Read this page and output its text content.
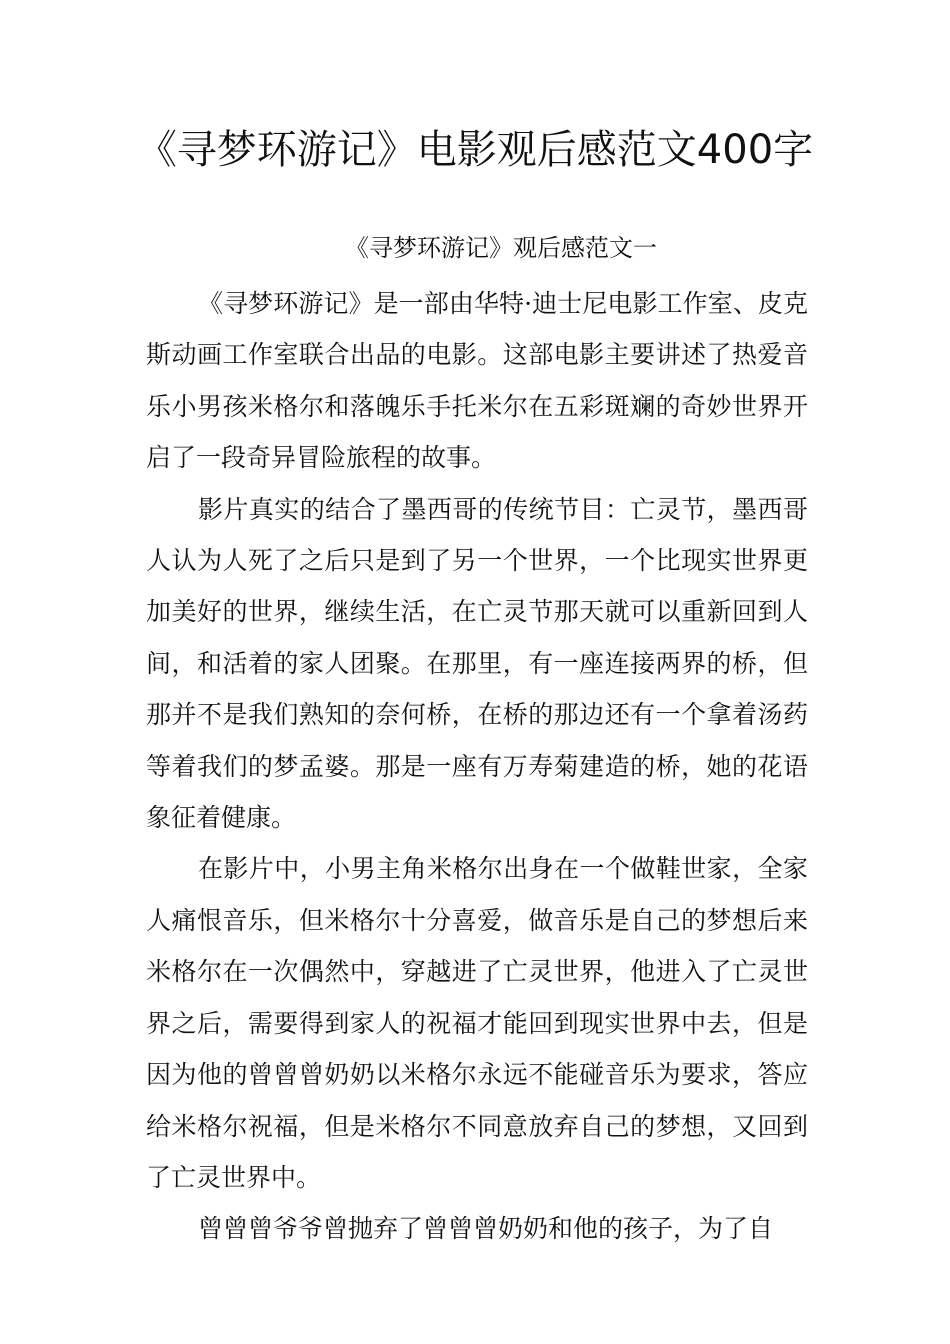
《寻梦环游记》电影观后感范文400字
《寻梦环游记》观后感范文一

《寻梦环游记》是一部由华特·迪士尼电影工作室、皮克斯动画工作室联合出品的电影。这部电影主要讲述了热爱音乐小男孩米格尔和落魄乐手托米尔在五彩斑斓的奇妙世界开启了一段奇异冒险旅程的故事。

影片真实的结合了墨西哥的传统节目：亡灵节，墨西哥人认为人死了之后只是到了另一个世界，一个比现实世界更加美好的世界，继续生活，在亡灵节那天就可以重新回到人间，和活着的家人团聚。在那里，有一座连接两界的桥，但那并不是我们熟知的奈何桥，在桥的那边还有一个拿着汤药等着我们的梦孟婆。那是一座有万寿菊建造的桥，她的花语象征着健康。

在影片中，小男主角米格尔出身在一个做鞋世家，全家人痛恨音乐，但米格尔十分喜爱，做音乐是自己的梦想后来米格尔在一次偶然中，穿越进了亡灵世界，他进入了亡灵世界之后，需要得到家人的祝福才能回到现实世界中去，但是因为他的曾曾曾奶奶以米格尔永远不能碰音乐为要求，答应给米格尔祝福，但是米格尔不同意放弃自己的梦想，又回到了亡灵世界中。

曾曾曾爷爷曾抛弃了曾曾曾奶奶和他的孩子，为了自
